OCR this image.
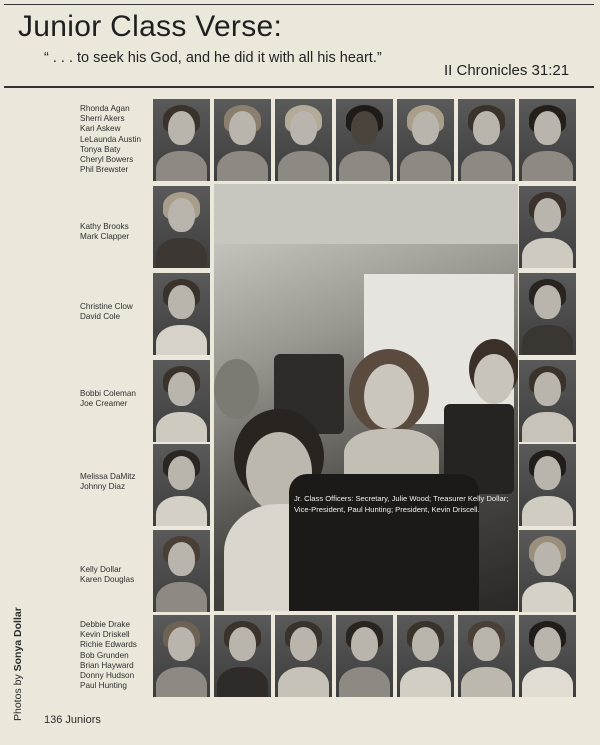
Junior Class Verse:
“ . . . to seek his God, and he did it with all his heart.”
II Chronicles 31:21
Rhonda Agan
Sherri Akers
Kari Askew
LeLaunda Austin
Tonya Baty
Cheryl Bowers
Phil Brewster
Kathy Brooks
Mark Clapper
Christine Clow
David Cole
Bobbi Coleman
Joe Creamer
Melissa DaMitz
Johnny Diaz
Kelly Dollar
Karen Douglas
Debbie Drake
Kevin Driskell
Richie Edwards
Bob Grunden
Brian Hayward
Donny Hudson
Paul Hunting
Jr. Class Officers: Secretary, Julie Wood; Treasurer Kelly Dollar; Vice-President, Paul Hunting; President, Kevin Driscell.
Photos by Sonya Dollar
136 Juniors
